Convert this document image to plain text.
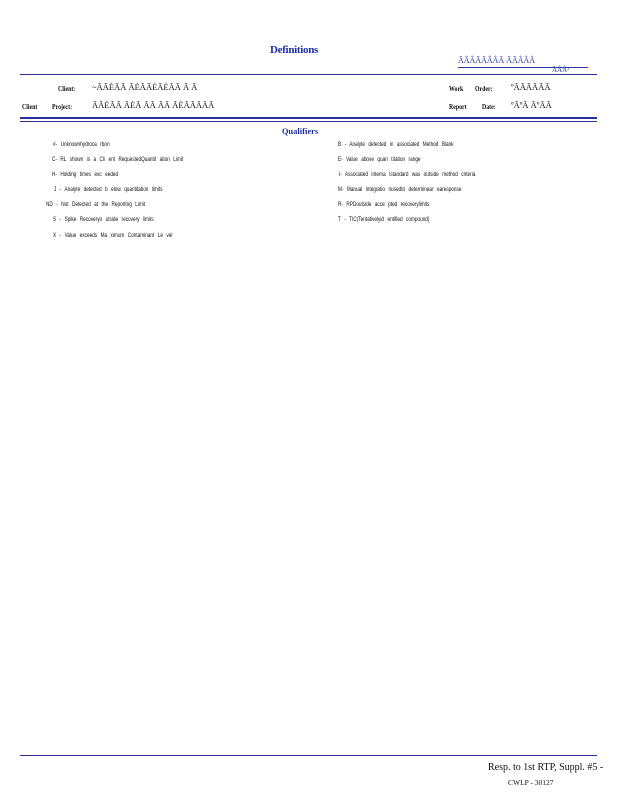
Definitions
ÃÂÂÃÃÂÂÃ ÃÃÂÂÂ
ÃÂÂ¹
Client: ~ÃÃÈÃÃ ÃÈÃÃÈÃÈÃÃ Ã Ã	Work Order: ºÃÃÃÃÃÃ
Client Project: ÃÂÈÃÃ ÃÈÃ ÃÃ ÃÃ ÃÈÃÃÃÃÃ	Report Date: ºÃºÃ ÃºÃÃ
Qualifiers
#- Unknownhydroca rbon
C- RL shown is a Cli ent RequestedQuantit ation Limit
H- Holding times exc eeded
J - Analyte detected b elow quantitation limits
ND - Not Detected at the Reporting Limit
S - Spike Recoveryo utside recovery limits
X - Value exceeds Ma ximum Contaminant Le vel
B - Analyte detected in associated Method Blank
E- Value above quan titation range
I- Associated interna lstandard was outside method criteria
M- Manual integratio nusedto determinear earesponse
R- RPDoutside acce pted recoverylimits
T - TIC(Tentativelyid entified compound)
Resp. to 1st RTP, Suppl. #5 -
CWLP - 30127
